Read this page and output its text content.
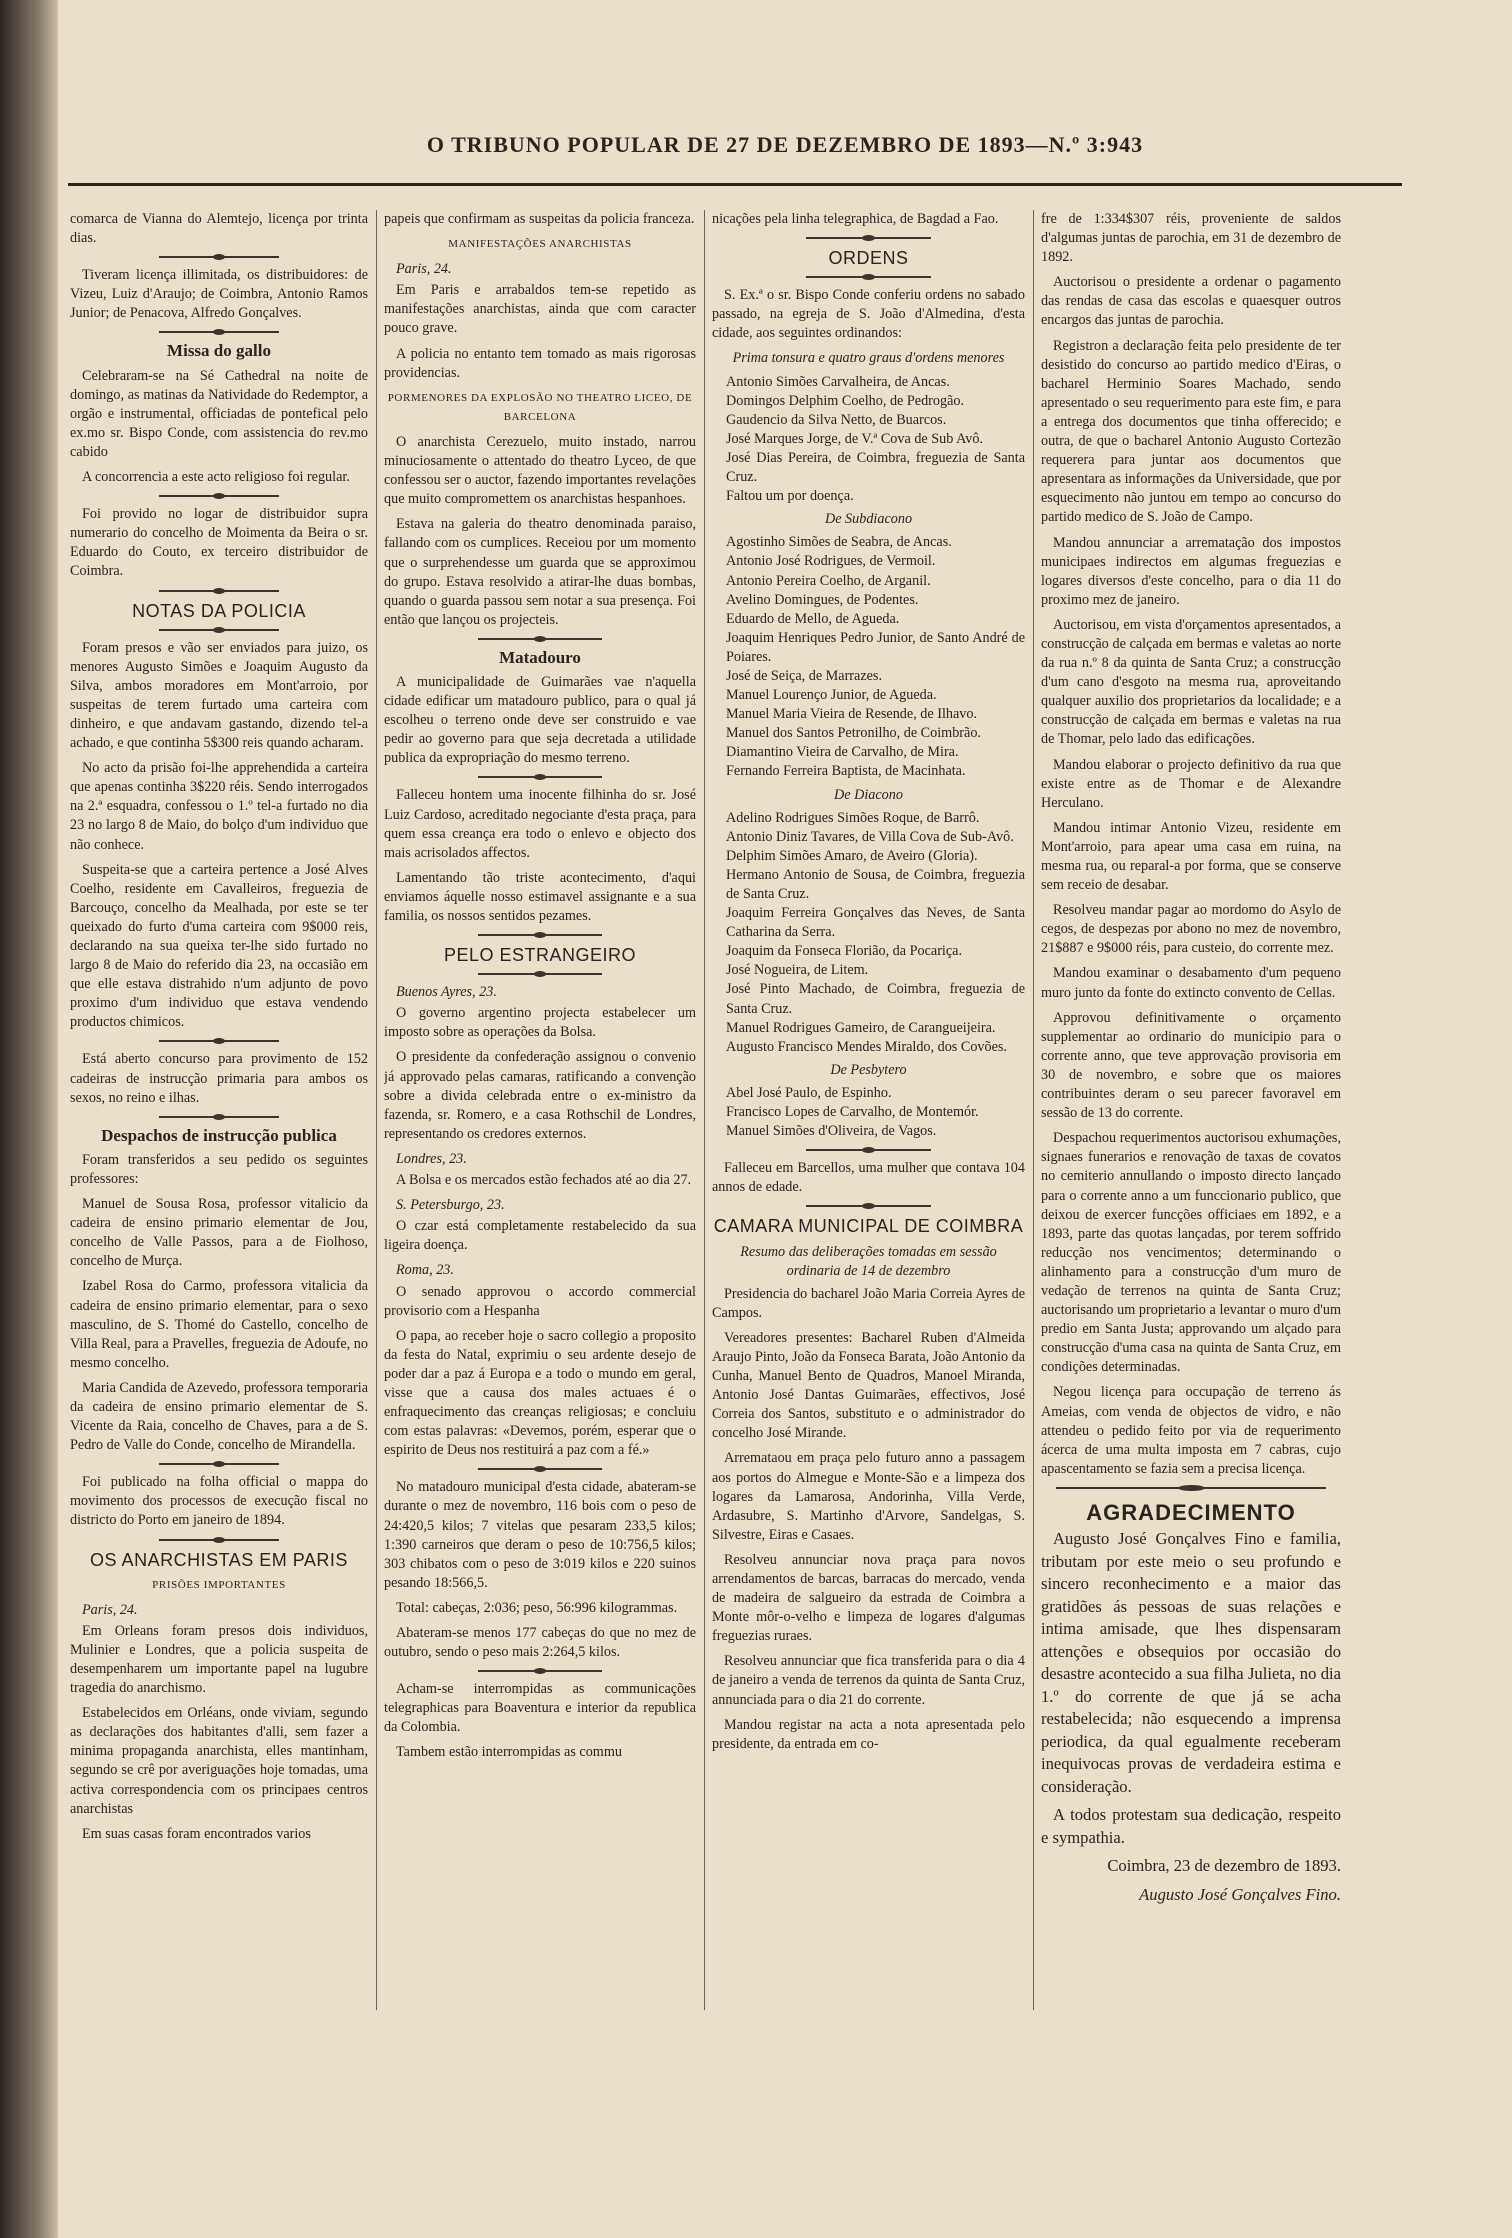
O TRIBUNO POPULAR DE 27 DE DEZEMBRO DE 1893—N.º 3:943

comarca de Vianna do Alemtejo, licença por trinta dias.

Tiveram licença illimitada, os distribuidores: de Vizeu, Luiz d'Araujo; de Coimbra, Antonio Ramos Junior; de Penacova, Alfredo Gonçalves.

Missa do gallo

Celebraram-se na Sé Cathedral na noite de domingo, as matinas da Natividade do Redemptor, a orgão e instrumental, officiadas de pontefical pelo ex.mo sr. Bispo Conde, com assistencia do rev.mo cabido

A concorrencia a este acto religioso foi regular.

Foi provido no logar de distribuidor supra numerario do concelho de Moimenta da Beira o sr. Eduardo do Couto, ex terceiro distribuidor de Coimbra.

NOTAS DA POLICIA

Foram presos e vão ser enviados para juizo, os menores Augusto Simões e Joaquim Augusto da Silva, ambos moradores em Mont'arroio, por suspeitas de terem furtado uma carteira com dinheiro, e que andavam gastando, dizendo tel-a achado, e que continha 5$300 reis quando acharam.

No acto da prisão foi-lhe apprehendida a carteira que apenas continha 3$220 réis. Sendo interrogados na 2.ª esquadra, confessou o 1.º tel-a furtado no dia 23 no largo 8 de Maio, do bolço d'um individuo que não conhece.

Suspeita-se que a carteira pertence a José Alves Coelho, residente em Cavalleiros, freguezia de Barcouço, concelho da Mealhada, por este se ter queixado do furto d'uma carteira com 9$000 reis, declarando na sua queixa ter-lhe sido furtado no largo 8 de Maio do referido dia 23, na occasião em que elle estava distrahido n'um adjunto de povo proximo d'um individuo que estava vendendo productos chimicos.

Está aberto concurso para provimento de 152 cadeiras de instrucção primaria para ambos os sexos, no reino e ilhas.

Despachos de instrucção publica

Foram transferidos a seu pedido os seguintes professores:

Manuel de Sousa Rosa, professor vitalicio da cadeira de ensino primario elementar de Jou, concelho de Valle Passos, para a de Fiolhoso, concelho de Murça.

Izabel Rosa do Carmo, professora vitalicia da cadeira de ensino primario elementar, para o sexo masculino, de S. Thomé do Castello, concelho de Villa Real, para a Pravelles, freguezia de Adoufe, no mesmo concelho.

Maria Candida de Azevedo, professora temporaria da cadeira de ensino primario elementar de S. Vicente da Raia, concelho de Chaves, para a de S. Pedro de Valle do Conde, concelho de Mirandella.

Foi publicado na folha official o mappa do movimento dos processos de execução fiscal no districto do Porto em janeiro de 1894.

OS ANARCHISTAS EM PARIS
PRISÕES IMPORTANTES

Paris, 24.

Em Orleans foram presos dois individuos, Mulinier e Londres, que a policia suspeita de desempenharem um importante papel na lugubre tragedia do anarchismo.

Estabelecidos em Orléans, onde viviam, segundo as declarações dos habitantes d'alli, sem fazer a minima propaganda anarchista, elles mantinham, segundo se crê por averiguações hoje tomadas, uma activa correspondencia com os principaes centros anarchistas

Em suas casas foram encontrados varios

papeis que confirmam as suspeitas da policia franceza.

MANIFESTAÇÕES ANARCHISTAS

Paris, 24.

Em Paris e arrabaldos tem-se repetido as manifestações anarchistas, ainda que com caracter pouco grave.

A policia no entanto tem tomado as mais rigorosas providencias.

PORMENORES DA EXPLOSÃO NO THEATRO LICEO, DE BARCELONA

O anarchista Cerezuelo, muito instado, narrou minuciosamente o attentado do theatro Lyceo, de que confessou ser o auctor, fazendo importantes revelações que muito compromettem os anarchistas hespanhoes.

Estava na galeria do theatro denominada paraiso, fallando com os cumplices. Receiou por um momento que o surprehendesse um guarda que se approximou do grupo. Estava resolvido a atirar-lhe duas bombas, quando o guarda passou sem notar a sua presença. Foi então que lançou os projecteis.

Matadouro

A municipalidade de Guimarães vae n'aquella cidade edificar um matadouro publico, para o qual já escolheu o terreno onde deve ser construido e vae pedir ao governo para que seja decretada a utilidade publica da expropriação do mesmo terreno.

Falleceu hontem uma inocente filhinha do sr. José Luiz Cardoso, acreditado negociante d'esta praça, para quem essa creança era todo o enlevo e objecto dos mais acrisolados affectos.

Lamentando tão triste acontecimento, d'aqui enviamos áquelle nosso estimavel assignante e a sua familia, os nossos sentidos pezames.

PELO ESTRANGEIRO

Buenos Ayres, 23.

O governo argentino projecta estabelecer um imposto sobre as operações da Bolsa.

O presidente da confederação assignou o convenio já approvado pelas camaras, ratificando a convenção sobre a divida celebrada entre o ex-ministro da fazenda, sr. Romero, e a casa Rothschil de Londres, representando os credores externos.

Londres, 23.

A Bolsa e os mercados estão fechados até ao dia 27.

S. Petersburgo, 23.

O czar está completamente restabelecido da sua ligeira doença.

Roma, 23.

O senado approvou o accordo commercial provisorio com a Hespanha

O papa, ao receber hoje o sacro collegio a proposito da festa do Natal, exprimiu o seu ardente desejo de poder dar a paz á Europa e a todo o mundo em geral, visse que a causa dos males actuaes é o enfraquecimento das creanças religiosas; e concluiu com estas palavras: «Devemos, porém, esperar que o espirito de Deus nos restituirá a paz com a fé.»

No matadouro municipal d'esta cidade, abateram-se durante o mez de novembro, 116 bois com o peso de 24:420,5 kilos; 7 vitelas que pesaram 233,5 kilos; 1:390 carneiros que deram o peso de 10:756,5 kilos; 303 chibatos com o peso de 3:019 kilos e 220 suinos pesando 18:566,5.

Total: cabeças, 2:036; peso, 56:996 kilogrammas.

Abateram-se menos 177 cabeças do que no mez de outubro, sendo o peso mais 2:264,5 kilos.

Acham-se interrompidas as communicações telegraphicas para Boaventura e interior da republica da Colombia.

Tambem estão interrompidas as commu

nicações pela linha telegraphica, de Bagdad a Fao.

ORDENS

S. Ex.ª o sr. Bispo Conde conferiu ordens no sabado passado, na egreja de S. João d'Almedina, d'esta cidade, aos seguintes ordinandos:

Prima tonsura e quatro graus d'ordens menores

Antonio Simões Carvalheira, de Ancas.

Domingos Delphim Coelho, de Pedrogão.

Gaudencio da Silva Netto, de Buarcos.

José Marques Jorge, de V.ª Cova de Sub Avô.

José Dias Pereira, de Coimbra, freguezia de Santa Cruz.

Faltou um por doença.

De Subdiacono

Agostinho Simões de Seabra, de Ancas.

Antonio José Rodrigues, de Vermoil.

Antonio Pereira Coelho, de Arganil.

Avelino Domingues, de Podentes.

Eduardo de Mello, de Agueda.

Joaquim Henriques Pedro Junior, de Santo André de Poiares.

José de Seiça, de Marrazes.

Manuel Lourenço Junior, de Agueda.

Manuel Maria Vieira de Resende, de Ilhavo.

Manuel dos Santos Petronilho, de Coimbrão.

Diamantino Vieira de Carvalho, de Mira.

Fernando Ferreira Baptista, de Macinhata.

De Diacono

Adelino Rodrigues Simões Roque, de Barrô.

Antonio Diniz Tavares, de Villa Cova de Sub-Avô.

Delphim Simões Amaro, de Aveiro (Gloria).

Hermano Antonio de Sousa, de Coimbra, freguezia de Santa Cruz.

Joaquim Ferreira Gonçalves das Neves, de Santa Catharina da Serra.

Joaquim da Fonseca Florião, da Pocariça.

José Nogueira, de Litem.

José Pinto Machado, de Coimbra, freguezia de Santa Cruz.

Manuel Rodrigues Gameiro, de Carangueijeira.

Augusto Francisco Mendes Miraldo, dos Covões.

De Pesbytero

Abel José Paulo, de Espinho.

Francisco Lopes de Carvalho, de Montemór.

Manuel Simões d'Oliveira, de Vagos.

Falleceu em Barcellos, uma mulher que contava 104 annos de edade.

CAMARA MUNICIPAL DE COIMBRA

Resumo das deliberações tomadas em sessão ordinaria de 14 de dezembro

Presidencia do bacharel João Maria Correia Ayres de Campos.

Vereadores presentes: Bacharel Ruben d'Almeida Araujo Pinto, João da Fonseca Barata, João Antonio da Cunha, Manuel Bento de Quadros, Manoel Miranda, Antonio José Dantas Guimarães, effectivos, José Correia dos Santos, substituto e o administrador do concelho José Mirande.

Arremataou em praça pelo futuro anno a passagem aos portos do Almegue e Monte-São e a limpeza dos logares da Lamarosa, Andorinha, Villa Verde, Ardasubre, S. Martinho d'Arvore, Sandelgas, S. Silvestre, Eiras e Casaes.

Resolveu annunciar nova praça para novos arrendamentos de barcas, barracas do mercado, venda de madeira de salgueiro da estrada de Coimbra a Monte môr-o-velho e limpeza de logares d'algumas freguezias ruraes.

Resolveu annunciar que fica transferida para o dia 4 de janeiro a venda de terrenos da quinta de Santa Cruz, annunciada para o dia 21 do corrente.

Mandou registar na acta a nota apresentada pelo presidente, da entrada em co-

fre de 1:334$307 réis, proveniente de saldos d'algumas juntas de parochia, em 31 de dezembro de 1892.

Auctorisou o presidente a ordenar o pagamento das rendas de casa das escolas e quaesquer outros encargos das juntas de parochia.

Registron a declaração feita pelo presidente de ter desistido do concurso ao partido medico d'Eiras, o bacharel Herminio Soares Machado, sendo apresentado o seu requerimento para este fim, e para a entrega dos documentos que tinha offerecido; e outra, de que o bacharel Antonio Augusto Cortezão requerera para juntar aos documentos que apresentara as informações da Universidade, que por esquecimento não juntou em tempo ao concurso do partido medico de S. João de Campo.

Mandou annunciar a arrematação dos impostos municipaes indirectos em algumas freguezias e logares diversos d'este concelho, para o dia 11 do proximo mez de janeiro.

Auctorisou, em vista d'orçamentos apresentados, a construcção de calçada em bermas e valetas ao norte da rua n.º 8 da quinta de Santa Cruz; a construcção d'um cano d'esgoto na mesma rua, aproveitando qualquer auxilio dos proprietarios da localidade; e a construcção de calçada em bermas e valetas na rua de Thomar, pelo lado das edificações.

Mandou elaborar o projecto definitivo da rua que existe entre as de Thomar e de Alexandre Herculano.

Mandou intimar Antonio Vizeu, residente em Mont'arroio, para apear uma casa em ruina, na mesma rua, ou reparal-a por forma, que se conserve sem receio de desabar.

Resolveu mandar pagar ao mordomo do Asylo de cegos, de despezas por abono no mez de novembro, 21$887 e 9$000 réis, para custeio, do corrente mez.

Mandou examinar o desabamento d'um pequeno muro junto da fonte do extincto convento de Cellas.

Approvou definitivamente o orçamento supplementar ao ordinario do municipio para o corrente anno, que teve approvação provisoria em 30 de novembro, e sobre que os maiores contribuintes deram o seu parecer favoravel em sessão de 13 do corrente.

Despachou requerimentos auctorisou exhumações, signaes funerarios e renovação de taxas de covatos no cemiterio annullando o imposto directo lançado para o corrente anno a um funccionario publico, que deixou de exercer funcções officiaes em 1892, e a 1893, parte das quotas lançadas, por terem soffrido reducção nos vencimentos; determinando o alinhamento para a construcção d'um muro de vedação de terrenos na quinta de Santa Cruz; auctorisando um proprietario a levantar o muro d'um predio em Santa Justa; approvando um alçado para construcção d'uma casa na quinta de Santa Cruz, em condições determinadas.

Negou licença para occupação de terreno ás Ameias, com venda de objectos de vidro, e não attendeu o pedido feito por via de requerimento ácerca de uma multa imposta em 7 cabras, cujo apascentamento se fazia sem a precisa licença.

AGRADECIMENTO

Augusto José Gonçalves Fino e familia, tributam por este meio o seu profundo e sincero reconhecimento e a maior das gratidões ás pessoas de suas relações e intima amisade, que lhes dispensaram attenções e obsequios por occasião do desastre acontecido a sua filha Julieta, no dia 1.º do corrente de que já se acha restabelecida; não esquecendo a imprensa periodica, da qual egualmente receberam inequivocas provas de verdadeira estima e consideração.

A todos protestam sua dedicação, respeito e sympathia.

Coimbra, 23 de dezembro de 1893.

Augusto José Gonçalves Fino.
